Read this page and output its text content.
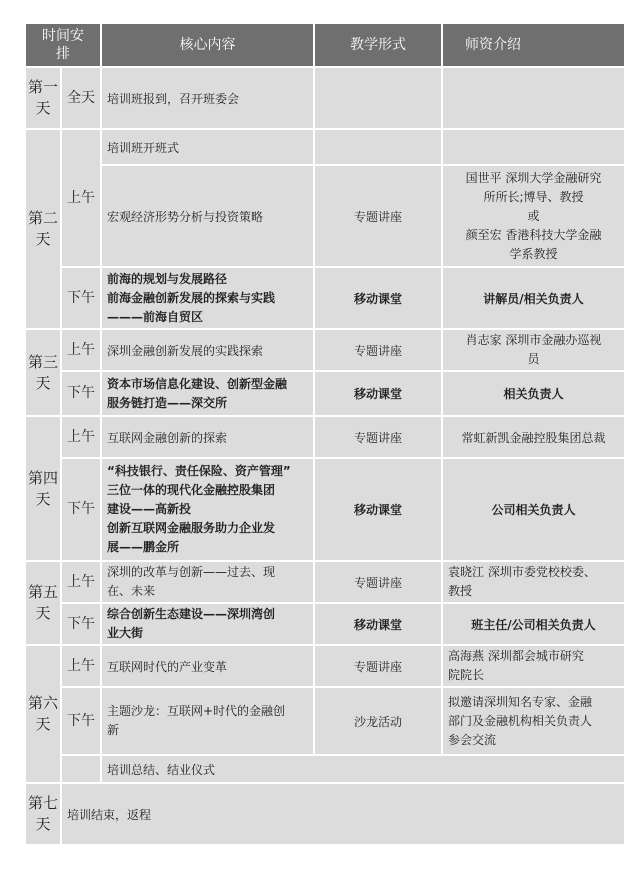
时间安排		核心内容	教学形式	师资介绍
第一天	全天	培训班报到，召开班委会		
第二天	上午	培训班开班式		
		宏观经济形势分析与投资策略	专题讲座	国世平 深圳大学金融研究
所所长;博导、教授
或
颜至宏 香港科技大学金融
学系教授

	下午	前海的规划与发展路径
前海金融创新发展的探索与实践
———前海自贸区	移动课堂	讲解员/相关负责人
第三天	上午	深圳金融创新发展的实践探索	专题讲座	肖志家 深圳市金融办巡视
员

	下午	资本市场信息化建设、创新型金融
服务链打造——深交所	移动课堂	相关负责人
第四天	上午	互联网金融创新的探索	专题讲座	常虹新凯金融控股集团总裁
	下午	“科技银行、责任保险、资产管理”
三位一体的现代化金融控股集团
建设——高新投
创新互联网金融服务助力企业发
展——鹏金所	移动课堂	公司相关负责人
第五天	上午	深圳的改革与创新——过去、现
在、未来	专题讲座	袁晓江 深圳市委党校校委、
教授

	下午	综合创新生态建设——深圳湾创
业大街	移动课堂	班主任/公司相关负责人
第六天	上午	互联网时代的产业变革	专题讲座	高海燕 深圳都会城市研究
院院长

	下午	主题沙龙：互联网+时代的金融创
新	沙龙活动	拟邀请深圳知名专家、金融
部门及金融机构相关负责人
参会交流

		培训总结、结业仪式		
第七天	培训结束，返程			
